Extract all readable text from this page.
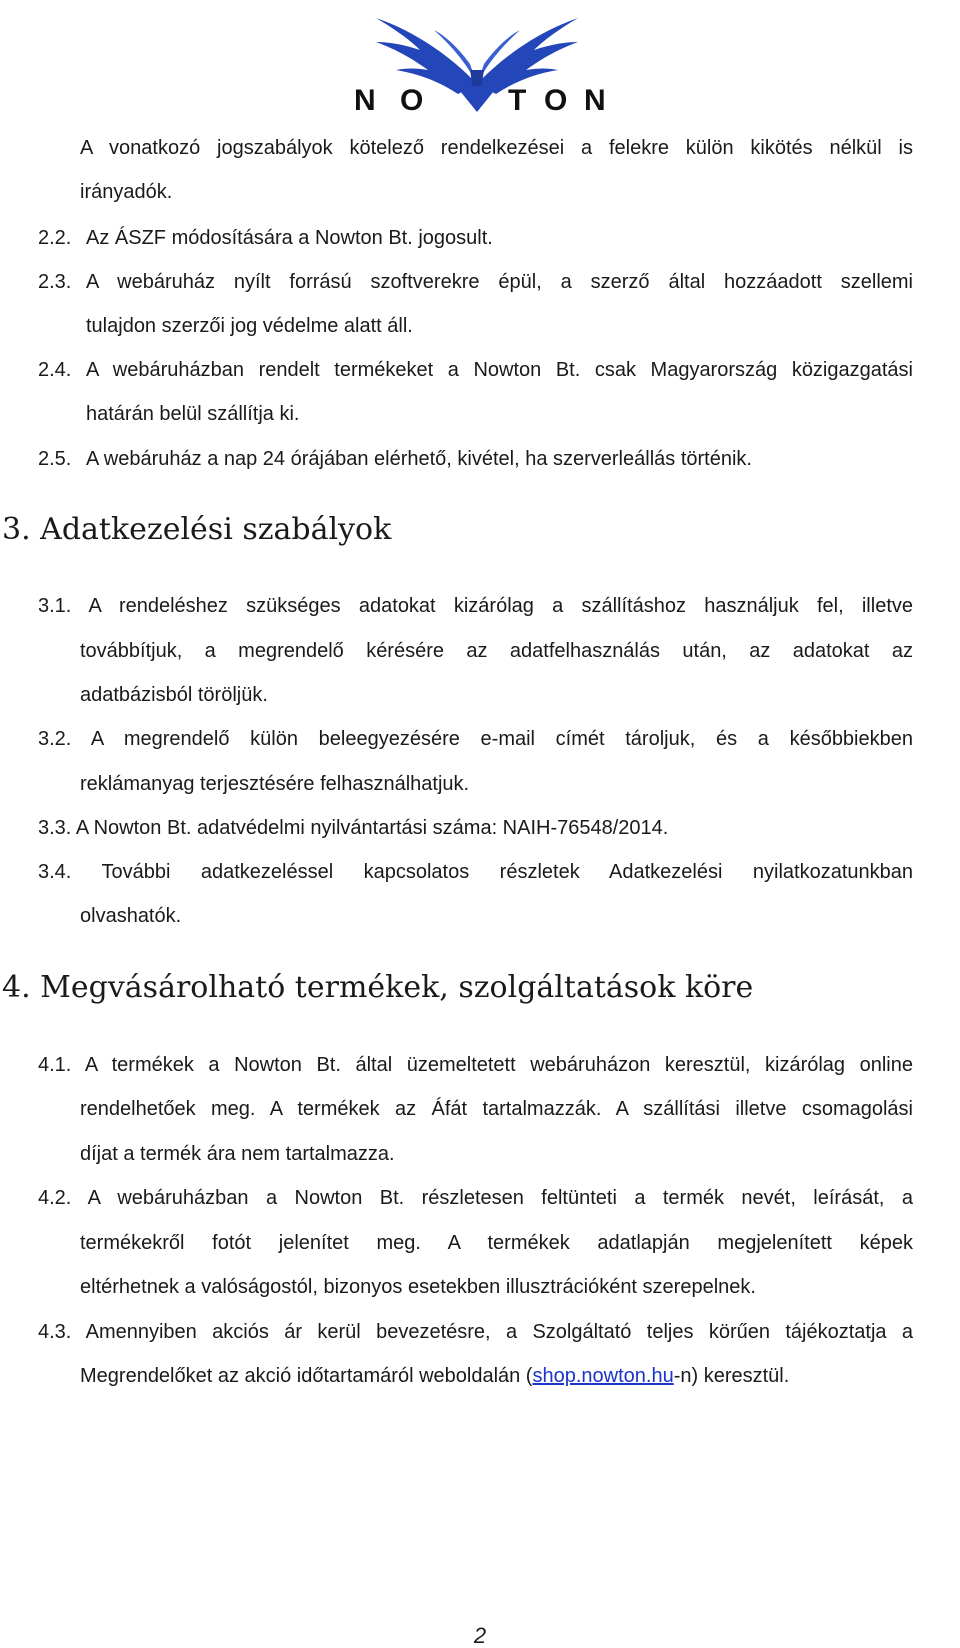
N O	T O N
A vonatkozó jogszabályok kötelező rendelkezései a felekre külön kikötés nélkül is
irányadók.
2.2. Az ÁSZF módosítására a Nowton Bt. jogosult.
2.3. A webáruház nyílt forrású szoftverekre épül, a szerző által hozzáadott szellemi
tulajdon szerzői jog védelme alatt áll.
2.4. A webáruházban rendelt termékeket a Nowton Bt. csak Magyarország közigazgatási
határán belül szállítja ki.
2.5. A webáruház a nap 24 órájában elérhető, kivétel, ha szerverleállás történik.
3. Adatkezelési szabályok
3.1. A rendeléshez szükséges adatokat kizárólag a szállításhoz használjuk fel, illetve
továbbítjuk, a megrendelő kérésére az adatfelhasználás után, az adatokat az
adatbázisból töröljük.
3.2. A megrendelő külön beleegyezésére e-mail címét tároljuk, és a későbbiekben
reklámanyag terjesztésére felhasználhatjuk.
3.3. A Nowton Bt. adatvédelmi nyilvántartási száma: NAIH-76548/2014.
3.4. További adatkezeléssel kapcsolatos részletek Adatkezelési nyilatkozatunkban
olvashatók.
4. Megvásárolható termékek, szolgáltatások köre
4.1. A termékek a Nowton Bt. által üzemeltetett webáruházon keresztül, kizárólag online
rendelhetőek meg. A termékek az Áfát tartalmazzák. A szállítási illetve csomagolási
díjat a termék ára nem tartalmazza.
4.2. A webáruházban a Nowton Bt. részletesen feltünteti a termék nevét, leírását, a
termékekről fotót jelenítet meg. A termékek adatlapján megjelenített képek
eltérhetnek a valóságostól, bizonyos esetekben illusztrációként szerepelnek.
4.3. Amennyiben akciós ár kerül bevezetésre, a Szolgáltató teljes körűen tájékoztatja a
Megrendelőket az akció időtartamáról weboldalán (shop.nowton.hu-n) keresztül.
2
